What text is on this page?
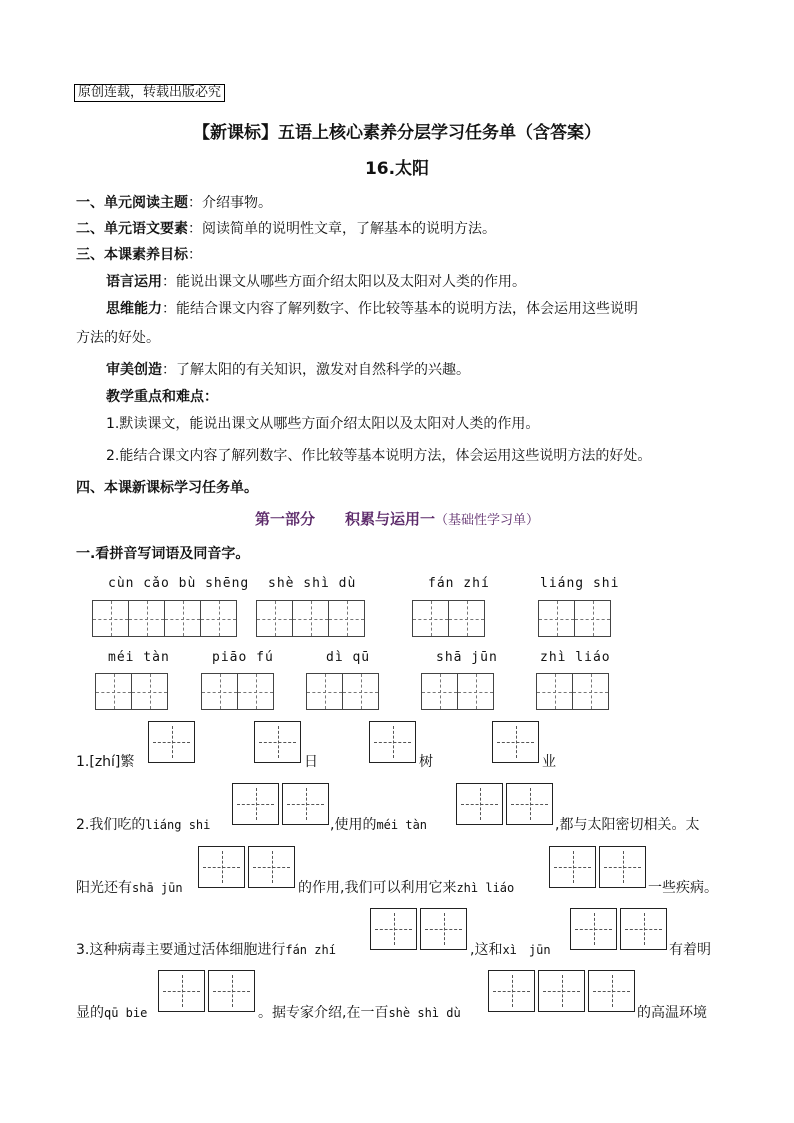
原创连载，转载出版必究
【新课标】五语上核心素养分层学习任务单（含答案）
16.太阳
一、单元阅读主题：介绍事物。
二、单元语文要素：阅读简单的说明性文章，了解基本的说明方法。
三、本课素养目标：
语言运用：能说出课文从哪些方面介绍太阳以及太阳对人类的作用。
思维能力：能结合课文内容了解列数字、作比较等基本的说明方法，体会运用这些说明
方法的好处。
审美创造：了解太阳的有关知识，激发对自然科学的兴趣。
教学重点和难点：
1.默读课文，能说出课文从哪些方面介绍太阳以及太阳对人类的作用。
2.能结合课文内容了解列数字、作比较等基本说明方法，体会运用这些说明方法的好处。
四、本课新课标学习任务单。
第一部分　　积累与运用一（基础性学习单）
一.看拼音写词语及同音字。
cùn cǎo bù shēng shè shì dù	fán zhí	liáng shi
méi tàn	piāo fú	dì qū	shā jūn	zhì liáo
1.[zhí]繁	日	树	业
2.我们吃的liáng shi	,使用的méi tàn	,都与太阳密切相关。太
阳光还有shā jūn	的作用,我们可以利用它来zhì liáo	一些疾病。
3.这种病毒主要通过活体细胞进行fán zhí	,这和xì　jūn	有着明
显的qū bie	。据专家介绍,在一百shè shì dù	的高温环境
